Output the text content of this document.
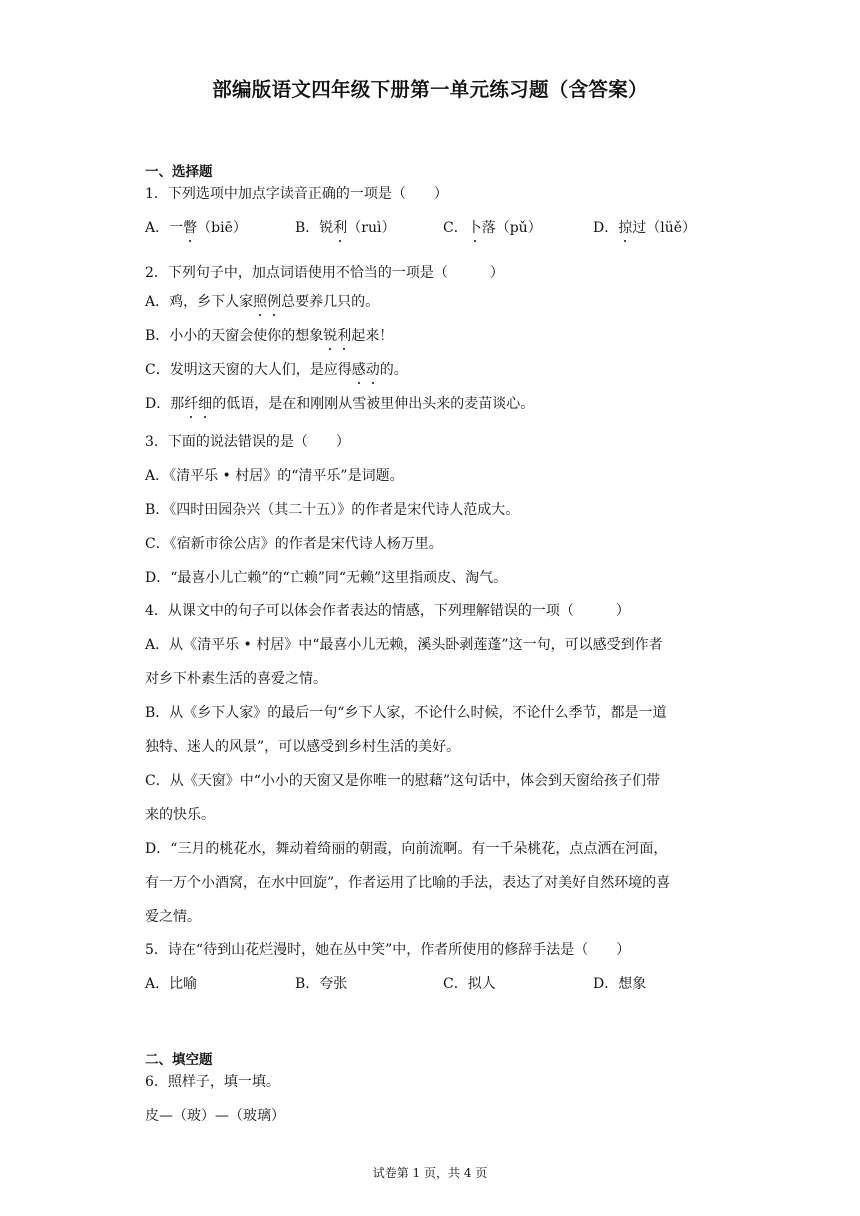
部编版语文四年级下册第一单元练习题（含答案）
一、选择题
1．下列选项中加点字读音正确的一项是（　　）
A．一瞥（biē）	B．锐利（ruì）	C．卜落（pǔ）	D．掠过（lüě）
2．下列句子中，加点词语使用不恰当的一项是（　　　）
A．鸡，乡下人家照例总要养几只的。
B．小小的天窗会使你的想象锐利起来！
C．发明这天窗的大人们，是应得感动的。
D．那纤细的低语，是在和刚刚从雪被里伸出头来的麦苗谈心。
3．下面的说法错误的是（　　）
A．《清平乐 • 村居》的“清平乐”是词题。
B．《四时田园杂兴（其二十五）》的作者是宋代诗人范成大。
C．《宿新市徐公店》的作者是宋代诗人杨万里。
D．“最喜小儿亡赖”的“亡赖”同“无赖”这里指顽皮、淘气。
4．从课文中的句子可以体会作者表达的情感，下列理解错误的一项（　　　）
A．从《清平乐 • 村居》中“最喜小儿无赖，溪头卧剥莲蓬”这一句，可以感受到作者
对乡下朴素生活的喜爱之情。
B．从《乡下人家》的最后一句“乡下人家，不论什么时候，不论什么季节，都是一道
独特、迷人的风景”，可以感受到乡村生活的美好。
C．从《天窗》中“小小的天窗又是你唯一的慰藉”这句话中，体会到天窗给孩子们带
来的快乐。
D．“三月的桃花水，舞动着绮丽的朝霞，向前流啊。有一千朵桃花，点点洒在河面，
有一万个小酒窝，在水中回旋”，作者运用了比喻的手法，表达了对美好自然环境的喜
爱之情。
5．诗在“待到山花烂漫时，她在丛中笑”中，作者所使用的修辞手法是（　　）
A．比喻	B．夸张	C．拟人	D．想象
二、填空题
6．照样子，填一填。
皮—（玻）—（玻璃）
试卷第 1 页，共 4 页
